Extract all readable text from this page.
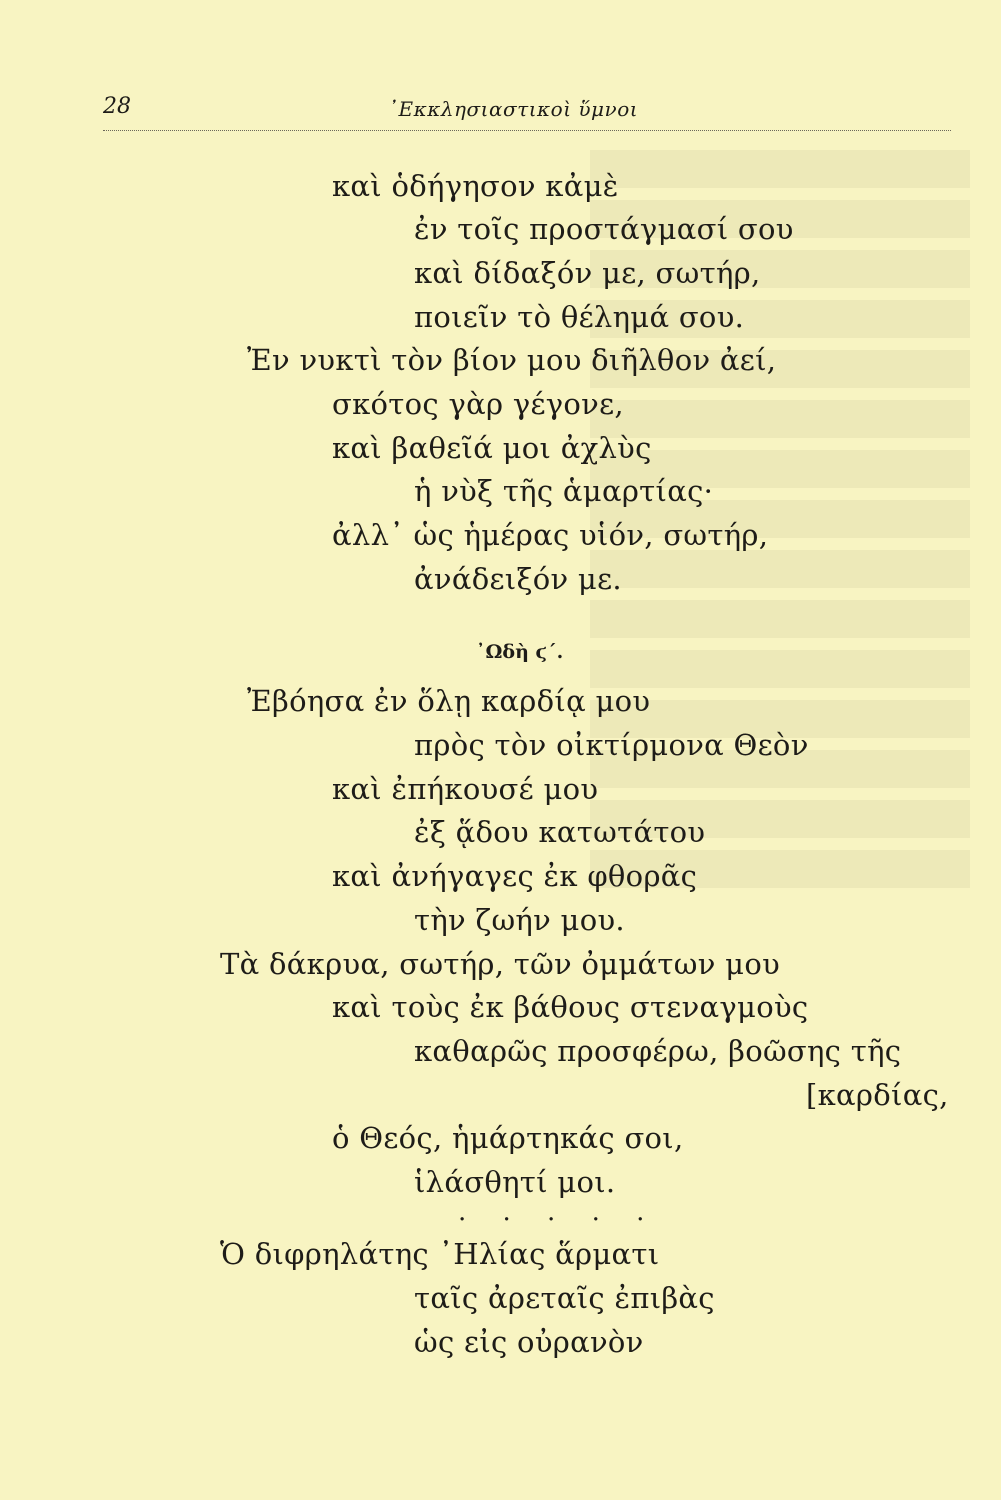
28	᾿Εκκλησιαστικοὶ ὕμνοι
καὶ ὁδήγησον κἀμὲ
ἐν τοῖς προστάγμασί σου
καὶ δίδαξόν με, σωτήρ,
ποιεῖν τὸ θέλημά σου.
Ἐν νυκτὶ τὸν βίον μου διῆλθον ἀεί,
σκότος γὰρ γέγονε,
καὶ βαθεῖά μοι ἀχλὺς
ἡ νὺξ τῆς ἁμαρτίας·
ἀλλ᾿ ὡς ἡμέρας υἱόν, σωτήρ,
ἀνάδειξόν με.
᾿Ωδὴ ϛ΄.
Ἐβόησα ἐν ὅλῃ καρδίᾳ μου
πρὸς τὸν οἰκτίρμονα Θεὸν
καὶ ἐπήκουσέ μου
ἐξ ᾅδου κατωτάτου
καὶ ἀνήγαγες ἐκ φθορᾶς
τὴν ζωήν μου.
Τὰ δάκρυα, σωτήρ, τῶν ὀμμάτων μου
καὶ τοὺς ἐκ βάθους στεναγμοὺς
καθαρῶς προσφέρω, βοῶσης τῆς
[καρδίας,
ὁ Θεός, ἡμάρτηκάς σοι,
ἱλάσθητί μοι.
. . . . .
Ὁ διφρηλάτης ᾿Ηλίας ἅρματι
ταῖς ἀρεταῖς ἐπιβὰς
ὡς εἰς οὐρανὸν
